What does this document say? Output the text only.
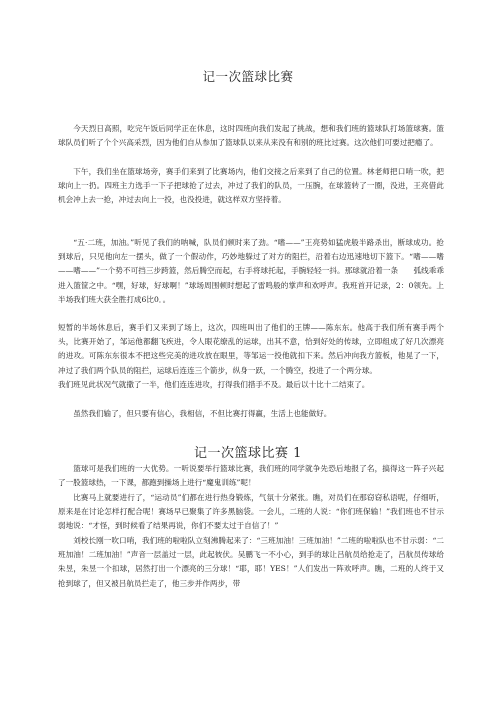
记一次篮球比赛

今天烈日高照，吃完午饭后同学正在休息，这时四班向我们发起了挑战，想和我们班的篮球队打场篮球赛。篮球队员们听了个个兴高采烈，因为他们自从参加了篮球队以来从来没有和别的班比过赛。这次他们可要过把瘾了。

下午，我们坐在篮球场旁，赛手们来到了比赛场内，他们交接之后来到了自己的位置。林老师把口哨一吹，把球向上一扔。四班主力选手一下子把球抢了过去，冲过了我们的队员，一压腕，在球篮转了一圈，没进，王亮借此机会冲上去一抢，冲过去向上一投，也没投进，就这样双方坚持着。

“五·二班，加油。”听见了我们的呐喊，队员们顿时来了劲。“嗜——”王亮势如猛虎般半路杀出，断球成功。抢到球后，只见他向左一摆头，做了一个假动作，巧妙地躲过了对方的阻拦，沿着右边迅速地切下篮下。“嗜——嗜——嗜——”一个势不可挡三步跨篮，然后腾空而起，右手将球托起，手腕轻轻一抖。那球就沿着一条　　弧线乖乖进入篮筐之中。“嘿，好球，好球啊！”球场周围顿时想起了雷鸣般的掌声和欢呼声。我班首开记录，2：0领先。上半场我们班大获全胜打成6比0．。

短暂的半场休息后，赛手们又来到了场上，这次，四班叫出了他们的王牌——陈东东。他高于我们所有赛手两个头，比赛开始了，邹运他都翻飞疾进，令人眼花缭乱的运球，出其不意，恰到好处的传球，立即组成了好几次漂亮的进攻。可陈东东很本不把这些完美的进攻放在眼里，等邹运一投他就扣下来。然后冲向我方篮板，他晃了一下，冲过了我们两个队员的阻拦，运球后连连三个箭步，纵身一跃，一个腾空，投进了一个两分球。

我们班见此状况气就撒了一半，他们连连进攻，打得我们措手不及。最后以十比十二结束了。

虽然我们输了，但只要有信心，我相信，不但比赛打得赢，生活上也能做好。

记一次篮球比赛 1

篮球可是我们班的一大优势。一听说要举行篮球比赛，我们班的同学就争先恐后地报了名，搞得这一阵子兴起了一股篮球热，一下课，都跑到操场上进行“魔鬼训练”呢！

比赛马上就要进行了，“运动员”们都在进行热身锻炼，气氛十分紧张。瞧，对员们在那窃窃私语呢，仔细听，原来是在讨论怎样打配合呢！赛场早已聚集了许多黑脑袋。一会儿，二班的人说：“你们班保输！”我们班也不甘示弱地说：“才怪，到时候看了结果再说，你们不要太过于自信了！”

刘校长刚一吹口哨，我们班的啦啦队立刻沸腾起来了：“三班加油！三班加油！”二班的啦啦队也不甘示弱：“二班加油！二班加油！”声音一层盖过一层，此起彼伏。吴鹏飞一不小心，到手的球让吕航员给抢走了，吕航员传球给朱昱，朱昱一个扣球，居然打出一个漂亮的三分球！“耶，耶！YES！”人们发出一阵欢呼声。瞧，二班的人终于又抢到球了，但又被吕航员拦走了，他三步并作两步，带
